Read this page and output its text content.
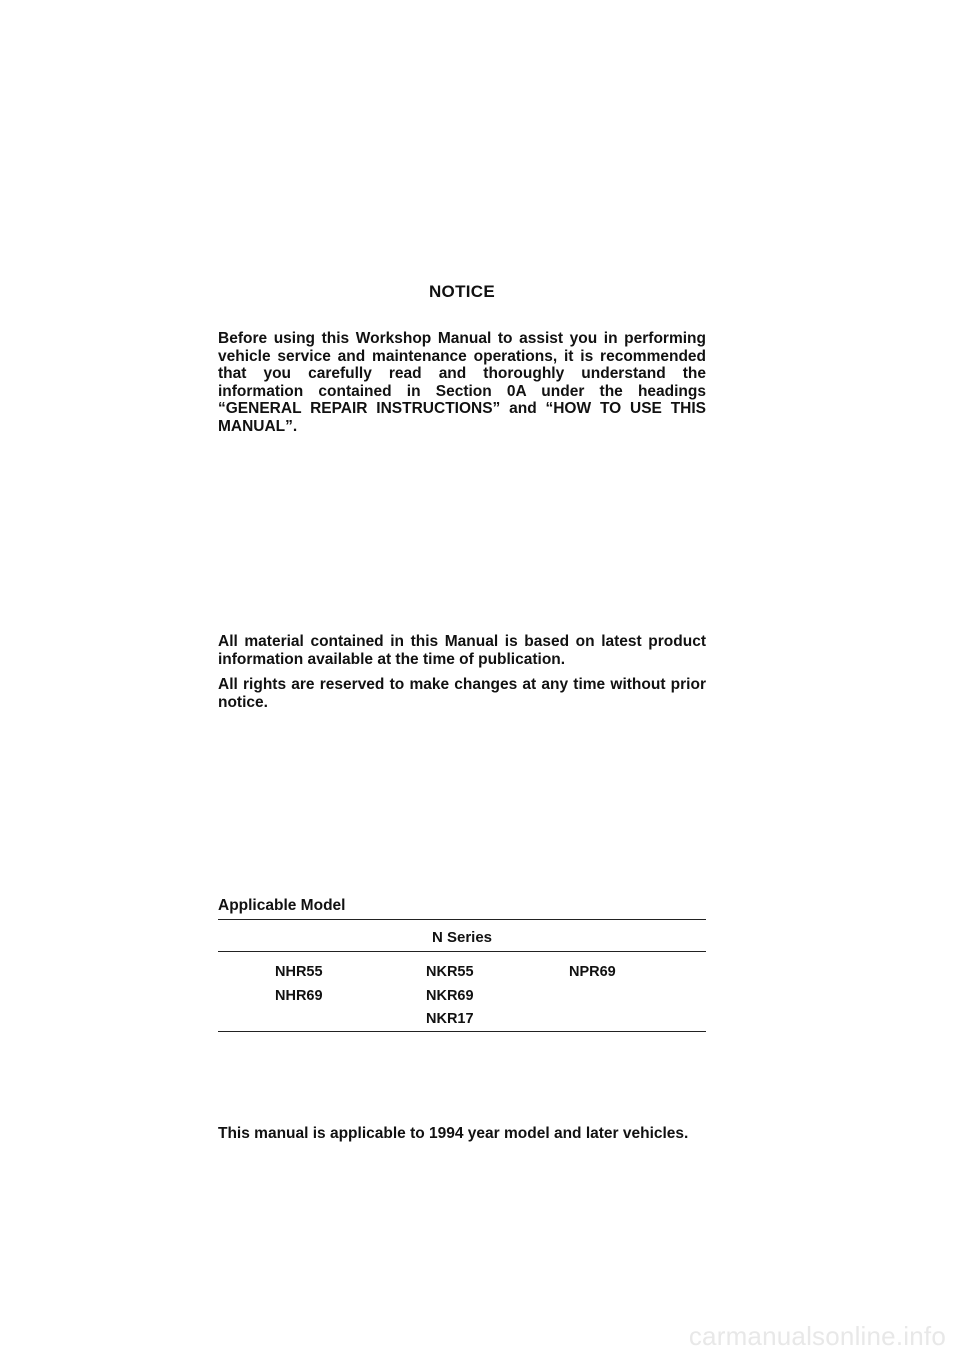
NOTICE
Before using this Workshop Manual to assist you in performing vehicle service and maintenance operations, it is recommended that you carefully read and thoroughly understand the information contained in Section 0A under the headings “GENERAL REPAIR INSTRUCTIONS” and “HOW TO USE THIS MANUAL”.

All material contained in this Manual is based on latest product information available at the time of publication.

All rights are reserved to make changes at any time without prior notice.

Applicable Model
N Series
NHR55
NHR69
NKR55
NKR69
NKR17
NPR69
This manual is applicable to 1994 year model and later vehicles.
carmanualsonline.info
